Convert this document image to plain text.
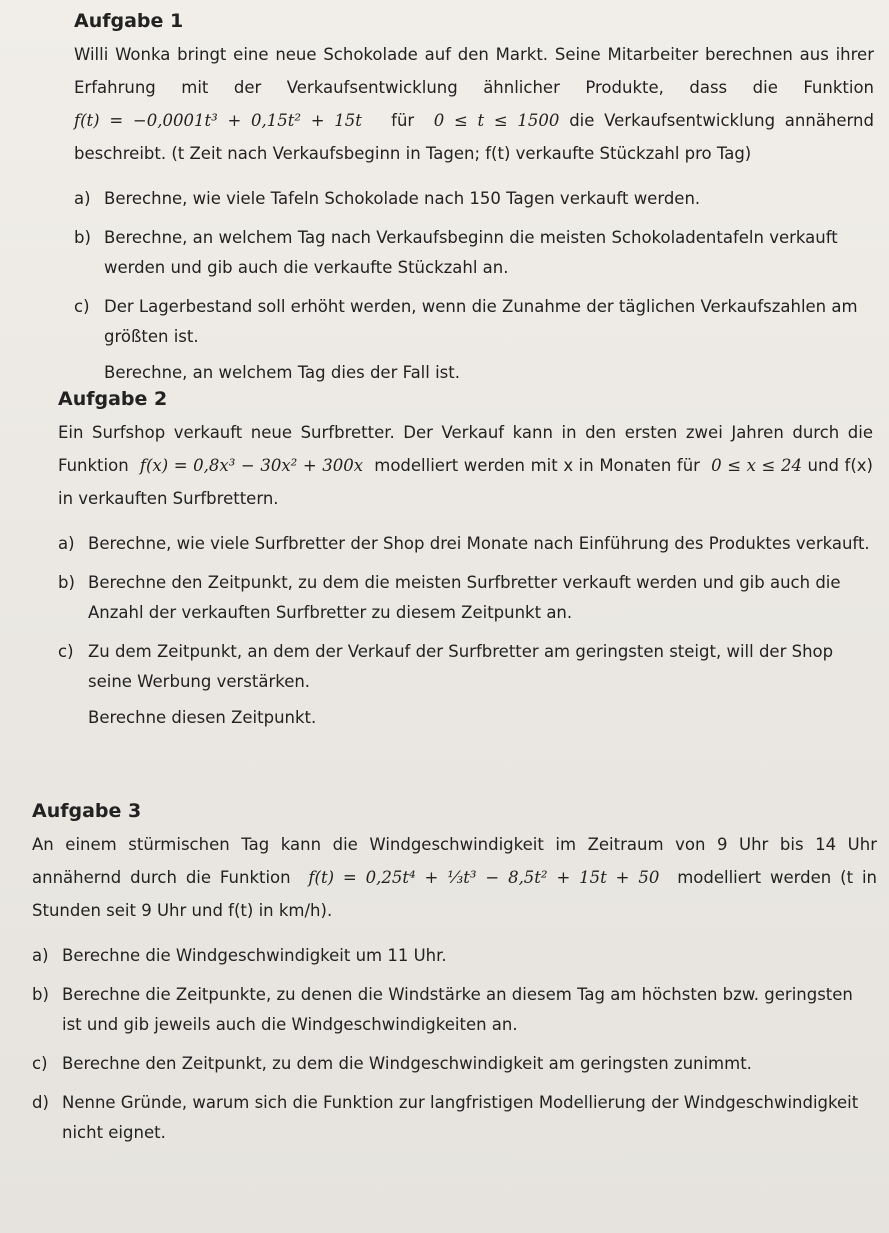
Aufgabe 1

Willi Wonka bringt eine neue Schokolade auf den Markt. Seine Mitarbeiter berechnen aus ihrer Erfahrung mit der Verkaufsentwicklung ähnlicher Produkte, dass die Funktion f(t) = −0,0001t³ + 0,15t² + 15t für 0 ≤ t ≤ 1500 die Verkaufsentwicklung annähernd beschreibt. (t Zeit nach Verkaufsbeginn in Tagen; f(t) verkaufte Stückzahl pro Tag)

a) Berechne, wie viele Tafeln Schokolade nach 150 Tagen verkauft werden.
b) Berechne, an welchem Tag nach Verkaufsbeginn die meisten Schokoladentafeln verkauft werden und gib auch die verkaufte Stückzahl an.
c) Der Lagerbestand soll erhöht werden, wenn die Zunahme der täglichen Verkaufszahlen am größten ist.
Berechne, an welchem Tag dies der Fall ist.
Aufgabe 2

Ein Surfshop verkauft neue Surfbretter. Der Verkauf kann in den ersten zwei Jahren durch die Funktion f(x) = 0,8x³ − 30x² + 300x modelliert werden mit x in Monaten für 0 ≤ x ≤ 24 und f(x) in verkauften Surfbrettern.

a) Berechne, wie viele Surfbretter der Shop drei Monate nach Einführung des Produktes verkauft.
b) Berechne den Zeitpunkt, zu dem die meisten Surfbretter verkauft werden und gib auch die Anzahl der verkauften Surfbretter zu diesem Zeitpunkt an.
c) Zu dem Zeitpunkt, an dem der Verkauf der Surfbretter am geringsten steigt, will der Shop seine Werbung verstärken.
Berechne diesen Zeitpunkt.
Aufgabe 3

An einem stürmischen Tag kann die Windgeschwindigkeit im Zeitraum von 9 Uhr bis 14 Uhr annähernd durch die Funktion f(t) = 0,25t⁴ + ⅓t³ − 8,5t² + 15t + 50 modelliert werden (t in Stunden seit 9 Uhr und f(t) in km/h).

a) Berechne die Windgeschwindigkeit um 11 Uhr.
b) Berechne die Zeitpunkte, zu denen die Windstärke an diesem Tag am höchsten bzw. geringsten ist und gib jeweils auch die Windgeschwindigkeiten an.
c) Berechne den Zeitpunkt, zu dem die Windgeschwindigkeit am geringsten zunimmt.
d) Nenne Gründe, warum sich die Funktion zur langfristigen Modellierung der Windgeschwindigkeit nicht eignet.
